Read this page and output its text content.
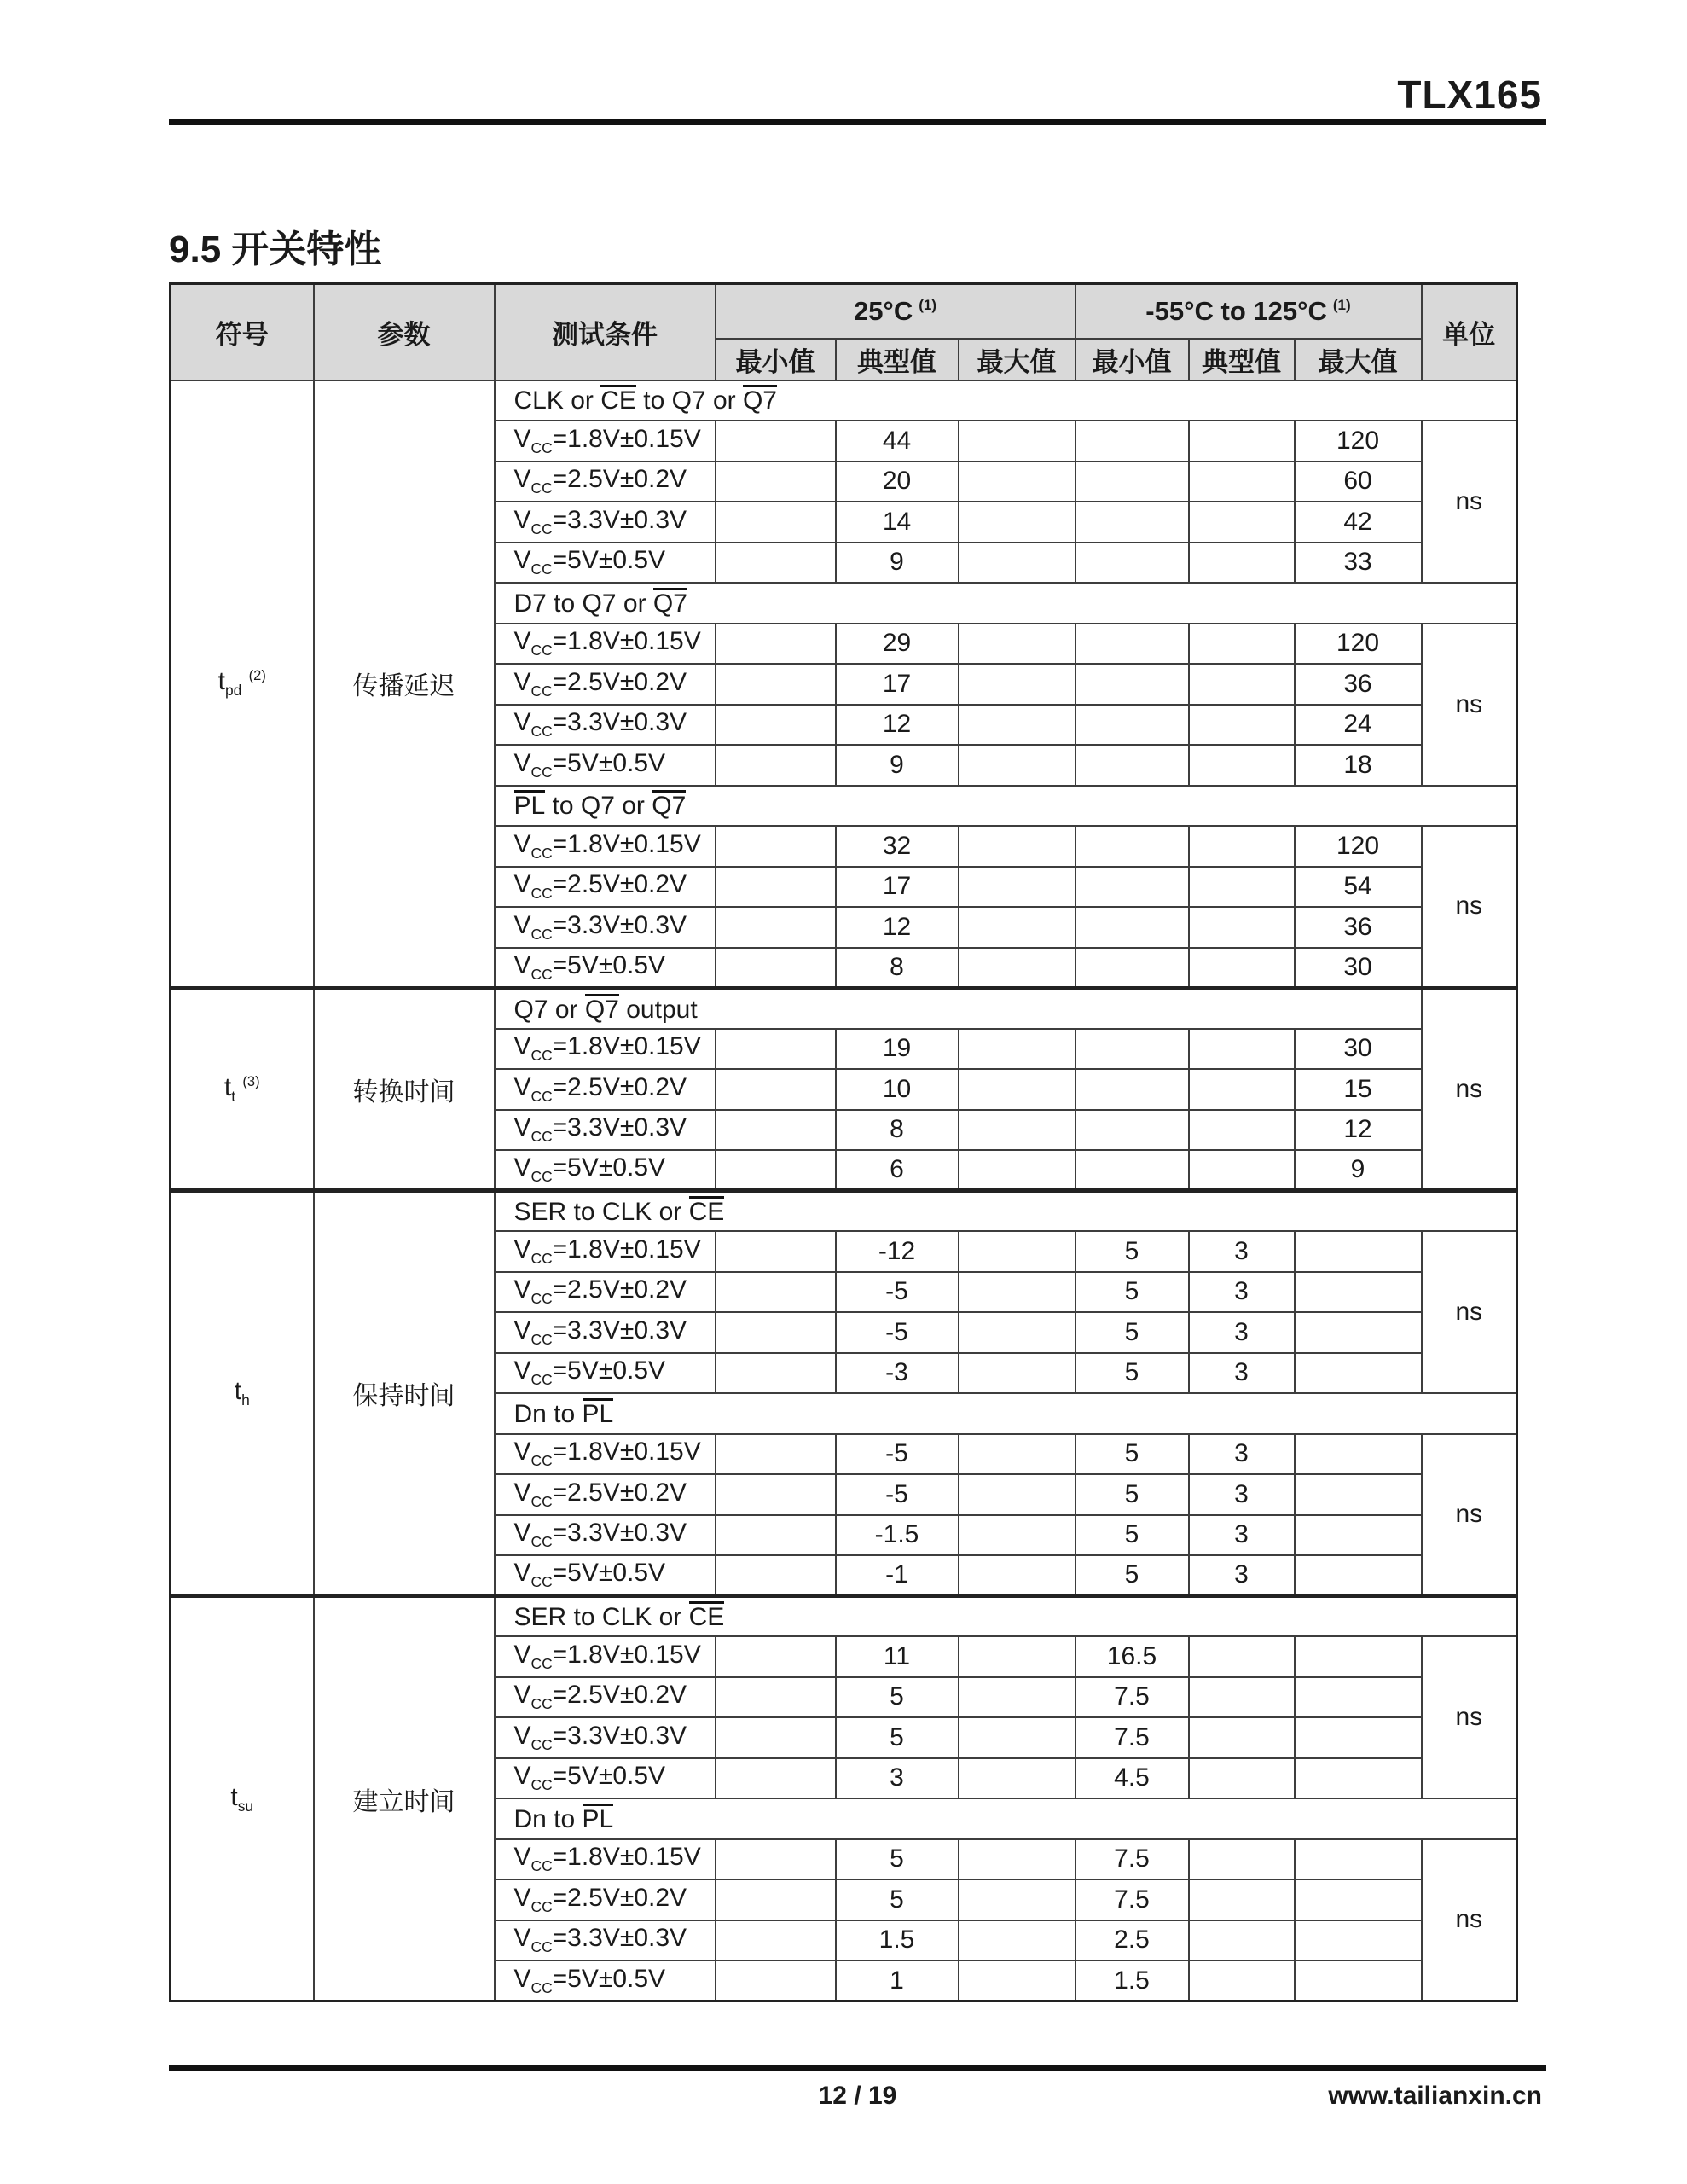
TLX165
9.5 开关特性
符号	参数	测试条件	25°C $^{(1)}$			-55°C to 125°C $^{(1)}$			单位
			最小值	典型值	最大值	最小值	典型值	最大值	
$t_{pd}$ $^{(2)}$	传播延迟	CLK or CE to Q7 or Q7							
		$V_{CC}=1.8V\pm 0.15V$		44				120	ns
		$V_{CC}=2.5V\pm 0.2V$		20				60	
		$V_{CC}=3.3V\pm 0.3V$		14				42	
		$V_{CC}=5V\pm 0.5V$		9				33	
		D7 to Q7 or Q7							
		$V_{CC}=1.8V\pm 0.15V$		29				120	ns
		$V_{CC}=2.5V\pm 0.2V$		17				36	
		$V_{CC}=3.3V\pm 0.3V$		12				24	
		$V_{CC}=5V\pm 0.5V$		9				18	
		PL to Q7 or Q7							
		$V_{CC}=1.8V\pm 0.15V$		32				120	ns
		$V_{CC}=2.5V\pm 0.2V$		17				54	
		$V_{CC}=3.3V\pm 0.3V$		12				36	
		$V_{CC}=5V\pm 0.5V$		8				30	
$t_t$ $^{(3)}$	转换时间	Q7 or Q7 output							ns
		$V_{CC}=1.8V\pm 0.15V$		19				30	
		$V_{CC}=2.5V\pm 0.2V$		10				15	
		$V_{CC}=3.3V\pm 0.3V$		8				12	
		$V_{CC}=5V\pm 0.5V$		6				9	
$t_h$	保持时间	SER to CLK or CE							
		$V_{CC}=1.8V\pm 0.15V$		-12		5	3		ns
		$V_{CC}=2.5V\pm 0.2V$		-5		5	3		
		$V_{CC}=3.3V\pm 0.3V$		-5		5	3		
		$V_{CC}=5V\pm 0.5V$		-3		5	3		
		Dn to PL							
		$V_{CC}=1.8V\pm 0.15V$		-5		5	3		ns
		$V_{CC}=2.5V\pm 0.2V$		-5		5	3		
		$V_{CC}=3.3V\pm 0.3V$		-1.5		5	3		
		$V_{CC}=5V\pm 0.5V$		-1		5	3		
$t_{su}$	建立时间	SER to CLK or CE							
		$V_{CC}=1.8V\pm 0.15V$		11		16.5			ns
		$V_{CC}=2.5V\pm 0.2V$		5		7.5			
		$V_{CC}=3.3V\pm 0.3V$		5		7.5			
		$V_{CC}=5V\pm 0.5V$		3		4.5			
		Dn to PL							
		$V_{CC}=1.8V\pm 0.15V$		5		7.5			ns
		$V_{CC}=2.5V\pm 0.2V$		5		7.5			
		$V_{CC}=3.3V\pm 0.3V$		1.5		2.5			
		$V_{CC}=5V\pm 0.5V$		1		1.5			
12 / 19	www.tailianxin.cn
